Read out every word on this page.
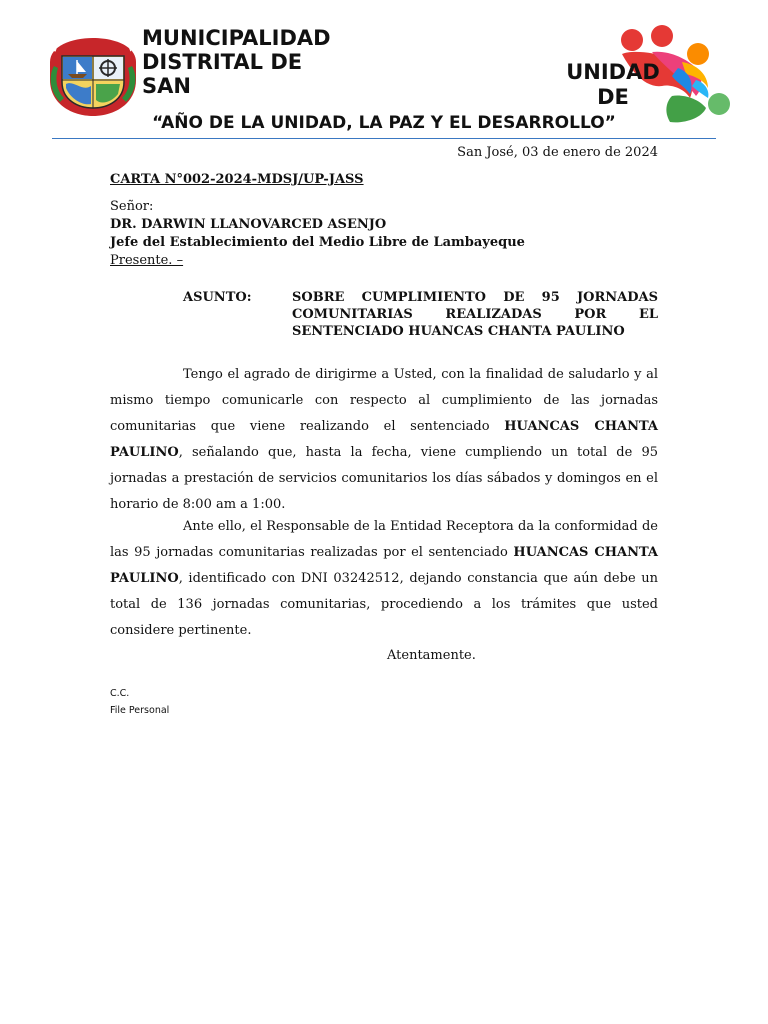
DISTRITO DE SAN JOSE MUNICIPALIDAD DISTRITAL DE SAN
UNIDAD DE
“AÑO DE LA UNIDAD, LA PAZ Y EL DESARROLLO”
San José, 03 de enero de 2024
CARTA N°002-2024-MDSJ/UP-JASS
Señor:
DR. DARWIN LLANOVARCED ASENJO
Jefe del Establecimiento del Medio Libre de Lambayeque
Presente. –
ASUNTO:	SOBRE CUMPLIMIENTO DE 95 JORNADAS
COMUNITARIAS REALIZADAS POR EL
SENTENCIADO HUANCAS CHANTA PAULINO
Tengo el agrado de dirigirme a Usted, con la finalidad de saludarlo y al mismo tiempo comunicarle con respecto al cumplimiento de las jornadas comunitarias que viene realizando el sentenciado HUANCAS CHANTA PAULINO, señalando que, hasta la fecha, viene cumpliendo un total de 95 jornadas a prestación de servicios comunitarios los días sábados y domingos en el horario de 8:00 am a 1:00.
Ante ello, el Responsable de la Entidad Receptora da la conformidad de las 95 jornadas comunitarias realizadas por el sentenciado HUANCAS CHANTA PAULINO, identificado con DNI 03242512, dejando constancia que aún debe un total de 136 jornadas comunitarias, procediendo a los trámites que usted considere pertinente.
Atentamente.
C.C.
File Personal
